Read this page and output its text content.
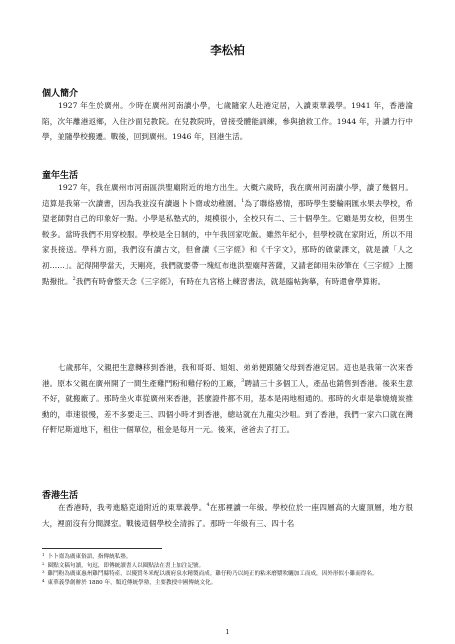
李松柏
個人簡介

1927 年生於廣州。少時在廣州河南讀小學，七歲隨家人赴港定居，入讀東華義學。1941 年，香港淪陷，次年離港返鄉，入住沙面兒教院。在兒教院時，曾接受體能訓練，參與搶救工作。1944 年，升讀力行中學，並隨學校搬遷。戰後，回到廣州。1946 年，回港生活。

童年生活

1927 年，我在廣州市河南區洪聖廟附近的地方出生。大概六歲時，我在廣州河南讀小學，讀了幾個月。這算是我第一次讀書，因為我並沒有讀過卜卜齋或幼稚園。$^1$為了聯絡感情，那時學生要輪兩匯水果去學校，希望老師對自己的印象好一點。小學是私塾式的，規模很小，全校只有二、三十個學生。它雖是男女校，但男生較多。當時我們不用穿校服。學校是全日制的，中午我回家吃飯。雖然年紀小，但學校就在家附近，所以不用家長接送。學科方面，我們沒有讀古文，但會讀《三字經》和《千字文》，那時的啟蒙課文，就是讀「人之初……」。記得開學當天，天剛亮，我們就要帶一塊紅布進洪聖廟拜菩薩，又請老師用朱砂筆在《三字經》上圈點撥批。$^2$我們有時會整天念《三字經》，有時在九宮格上練習書法，就是臨帖鉤摹，有時還會學算術。

七歲那年，父親把生意轉移到香港，我和哥哥、姐姐、弟弟便跟隨父母到香港定居。這也是我第一次來香港。原本父親在廣州開了一間生產雞鬥粉和雞仔粉的工廠，$^3$聘請三十多個工人，產品也銷售到香港。後來生意不好，就搬廠了。那時坐火車從廣州來香港，甚麼證件都不用，基本是兩地相通的。那時的火車是靠燒燒炭推動的，車速很慢，差不多要走三、四個小時才到香港，總站就在九龍尖沙咀。到了香港，我們一家六口就在灣仔軒尼斯道地下，租住一個單位，租金是每月一元。後來，爸爸去了打工。

香港生活

在香港時，我考進駱克道附近的東華義學。$^4$在那裡讀一年級。學校位於一座四層高的大廈頂層，地方很大，裡面沒有分間課室。戰後這個學校全清拆了。那時一年級有三、四十名

$^1$ 卜卜齋為廣東俗語，指傳統私塾。
$^2$ 圈點文稿句讀，句逗，即傳統讀書人以圈點法在書上加注記號。
$^3$ 雞鬥粉為廣東惠州雞鬥縣特產，以優質冬米配以廣府泉水精製而成。雞仔粉乃以純正的粘米磨漿吹曬加工而成，因外形似小雞而得名。
$^4$ 東華義學創辦於 1880 年，類近傳統學塾，主要教授中國傳統文化。
1
